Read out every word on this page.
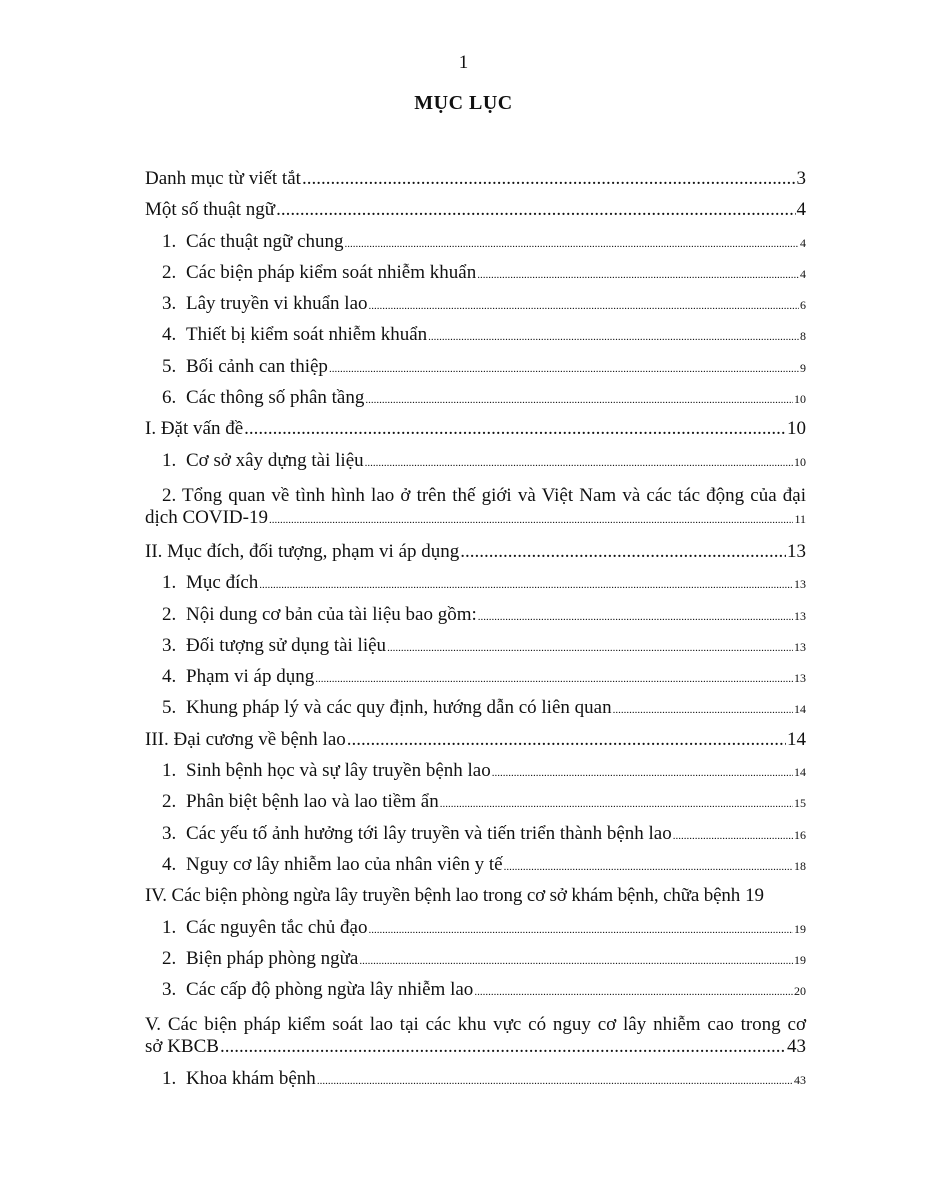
1
MỤC LỤC
Danh mục từ viết tắt .....	3
Một số thuật ngữ .....	4
1. Các thuật ngữ chung .....	4
2. Các biện pháp kiểm soát nhiễm khuẩn .....	4
3. Lây truyền vi khuẩn lao .....	6
4. Thiết bị kiểm soát nhiễm khuẩn .....	8
5. Bối cảnh can thiệp .....	9
6. Các thông số phân tầng .....	10
I. Đặt vấn đề .....	10
1. Cơ sở xây dựng tài liệu .....	10
2. Tổng quan về tình hình lao ở trên thế giới và Việt Nam và các tác động của đại
dịch COVID-19 .....	11
II. Mục đích, đối tượng, phạm vi áp dụng .....	13
1. Mục đích .....	13
2. Nội dung cơ bản của tài liệu bao gồm: .....	13
3. Đối tượng sử dụng tài liệu .....	13
4. Phạm vi áp dụng .....	13
5. Khung pháp lý và các quy định, hướng dẫn có liên quan .....	14
III. Đại cương về bệnh lao .....	14
1. Sinh bệnh học và sự lây truyền bệnh lao .....	14
2. Phân biệt bệnh lao và lao tiềm ẩn .....	15
3. Các yếu tố ảnh hưởng tới lây truyền và tiến triển thành bệnh lao .....	16
4. Nguy cơ lây nhiễm lao của nhân viên y tế .....	18
IV. Các biện phòng ngừa lây truyền bệnh lao trong cơ sở khám bệnh, chữa bệnh 19
1. Các nguyên tắc chủ đạo .....	19
2. Biện pháp phòng ngừa .....	19
3. Các cấp độ phòng ngừa lây nhiễm lao .....	20
V. Các biện pháp kiểm soát lao tại các khu vực có nguy cơ lây nhiễm cao trong cơ
sở KBCB .....	43
1. Khoa khám bệnh .....	43
